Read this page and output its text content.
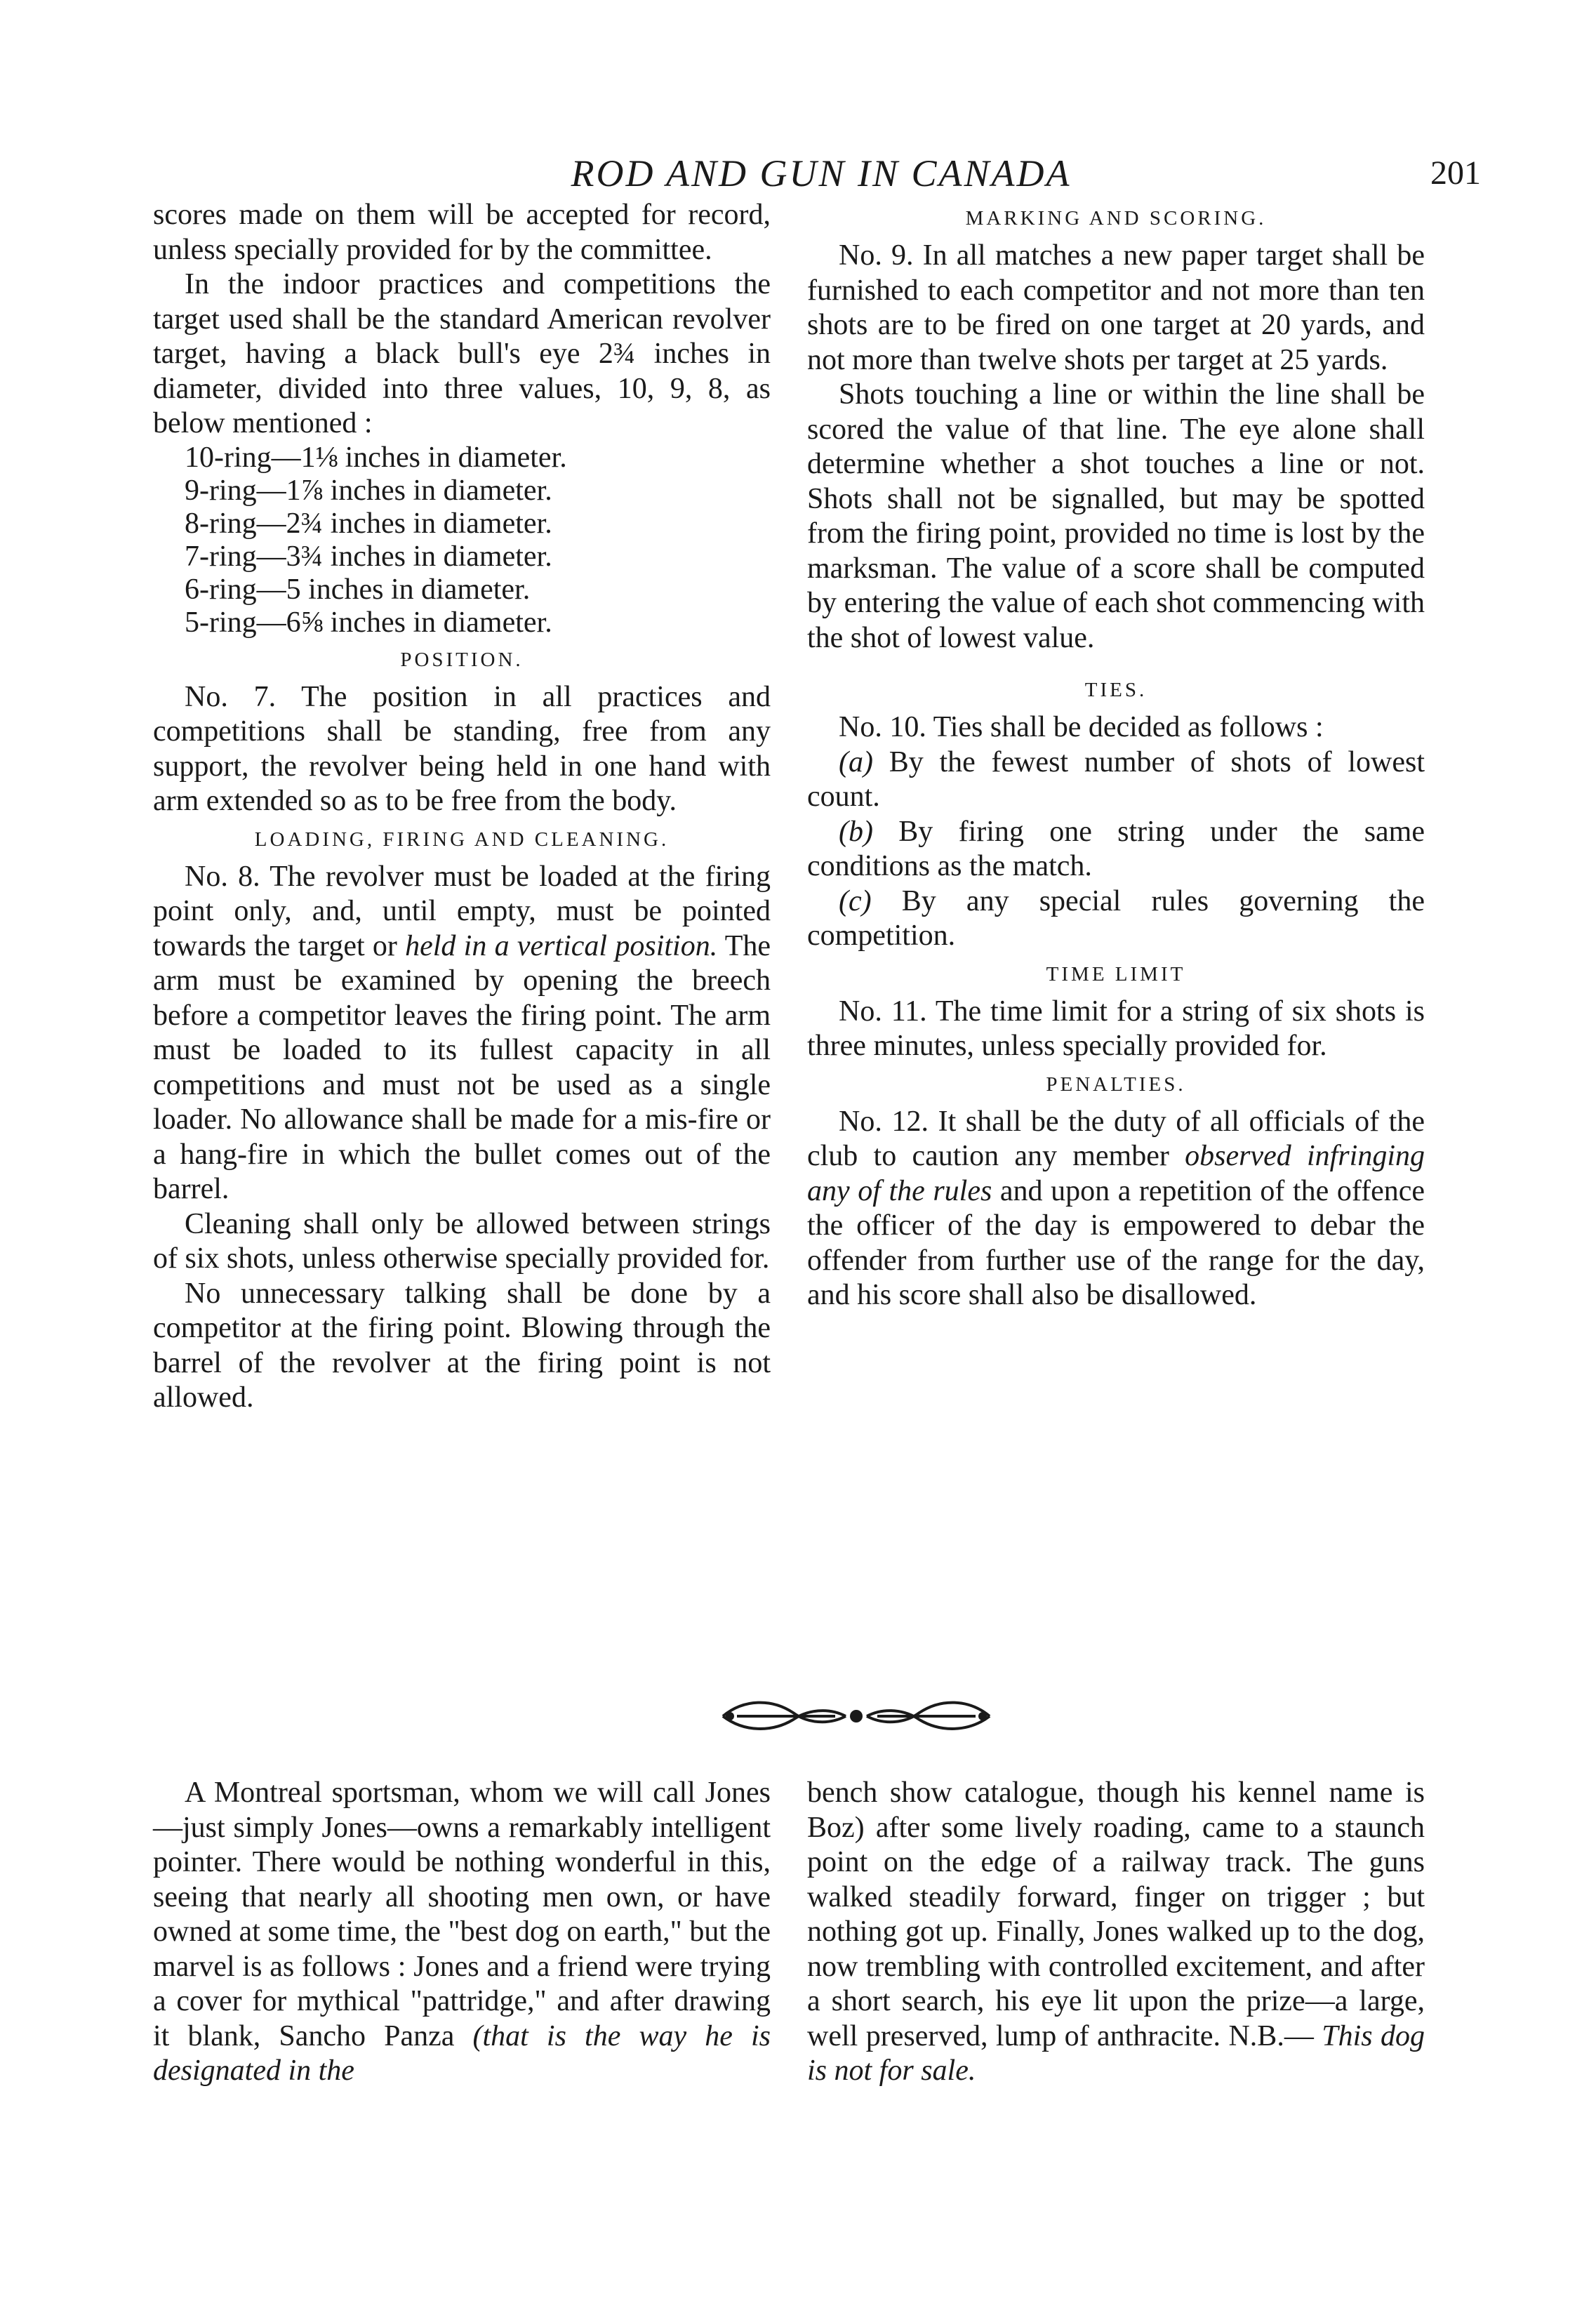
ROD AND GUN IN CANADA	201

scores made on them will be accepted for record, unless specially provided for by the committee.

In the indoor practices and competitions the target used shall be the standard American revolver target, having a black bull's eye 2¾ inches in diameter, divided into three values, 10, 9, 8, as below mentioned :

10-ring—1⅛ inches in diameter.
9-ring—1⅞ inches in diameter.
8-ring—2¾ inches in diameter.
7-ring—3¾ inches in diameter.
6-ring—5 inches in diameter.
5-ring—6⅝ inches in diameter.
POSITION.

No. 7. The position in all practices and competitions shall be standing, free from any support, the revolver being held in one hand with arm extended so as to be free from the body.

LOADING, FIRING AND CLEANING.

No. 8. The revolver must be loaded at the firing point only, and, until empty, must be pointed towards the target or held in a vertical position. The arm must be examined by opening the breech before a competitor leaves the firing point. The arm must be loaded to its fullest capacity in all competitions and must not be used as a single loader. No allowance shall be made for a mis-fire or a hang-fire in which the bullet comes out of the barrel.

Cleaning shall only be allowed between strings of six shots, unless otherwise specially provided for.

No unnecessary talking shall be done by a competitor at the firing point. Blowing through the barrel of the revolver at the firing point is not allowed.

MARKING AND SCORING.

No. 9. In all matches a new paper target shall be furnished to each competitor and not more than ten shots are to be fired on one target at 20 yards, and not more than twelve shots per target at 25 yards.

Shots touching a line or within the line shall be scored the value of that line. The eye alone shall determine whether a shot touches a line or not. Shots shall not be signalled, but may be spotted from the firing point, provided no time is lost by the marksman. The value of a score shall be computed by entering the value of each shot commencing with the shot of lowest value.

TIES.

No. 10. Ties shall be decided as follows :

(a) By the fewest number of shots of lowest count.

(b) By firing one string under the same conditions as the match.

(c) By any special rules governing the competition.

TIME LIMIT

No. 11. The time limit for a string of six shots is three minutes, unless specially provided for.

PENALTIES.

No. 12. It shall be the duty of all officials of the club to caution any member observed infringing any of the rules and upon a repetition of the offence the officer of the day is empowered to debar the offender from further use of the range for the day, and his score shall also be disallowed.

A Montreal sportsman, whom we will call Jones—just simply Jones—owns a remarkably intelligent pointer. There would be nothing wonderful in this, seeing that nearly all shooting men own, or have owned at some time, the "best dog on earth," but the marvel is as follows : Jones and a friend were trying a cover for mythical "pattridge," and after drawing it blank, Sancho Panza (that is the way he is designated in the

bench show catalogue, though his kennel name is Boz) after some lively roading, came to a staunch point on the edge of a railway track. The guns walked steadily forward, finger on trigger ; but nothing got up. Finally, Jones walked up to the dog, now trembling with controlled excitement, and after a short search, his eye lit upon the prize—a large, well preserved, lump of anthracite. N.B.— This dog is not for sale.
